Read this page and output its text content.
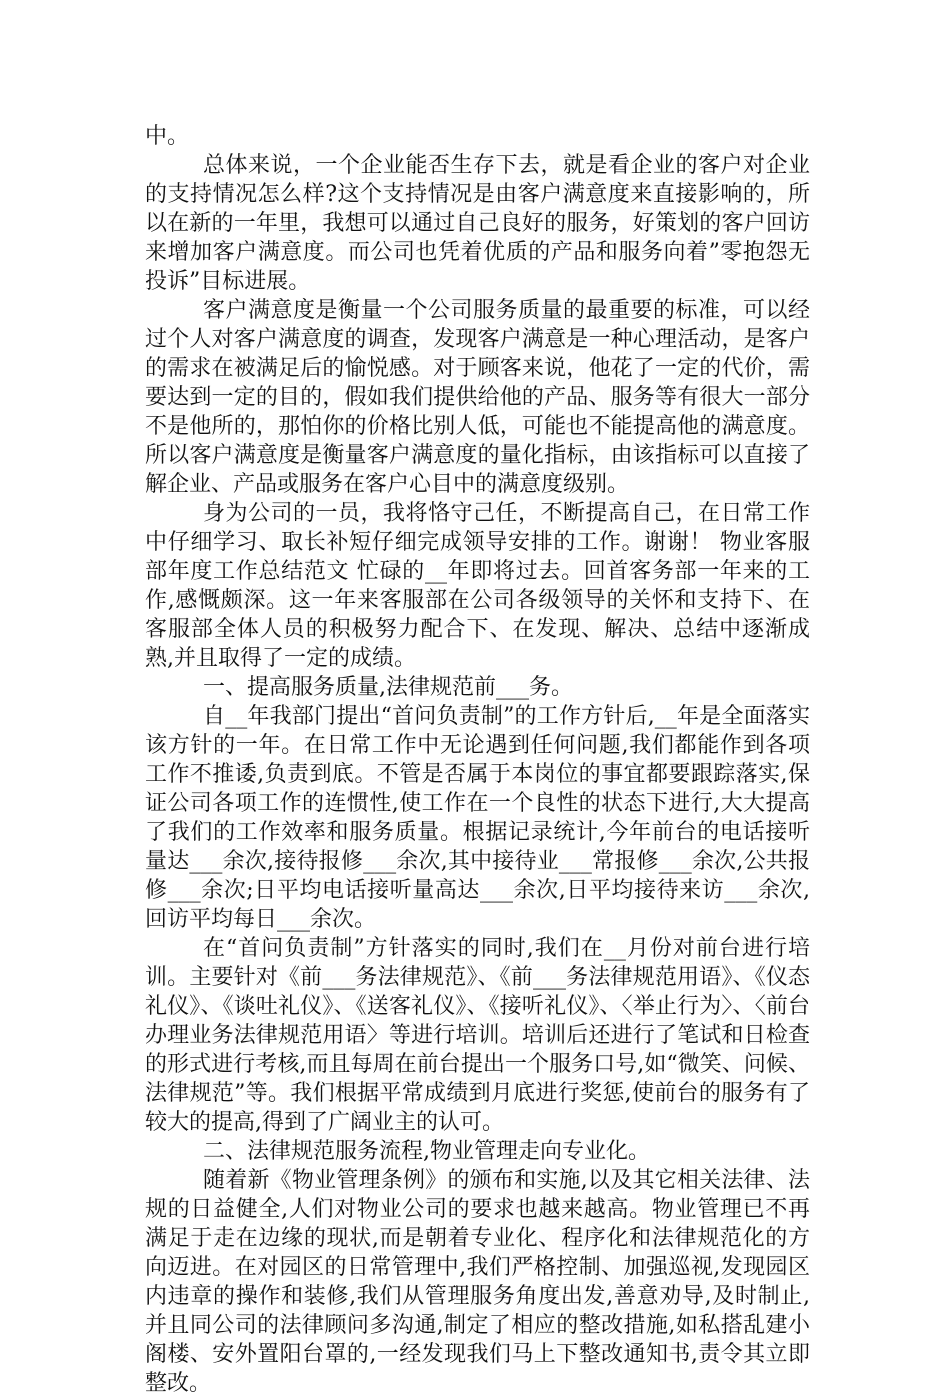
中。

总体来说，一个企业能否生存下去，就是看企业的客户对企业的支持情况怎么样?这个支持情况是由客户满意度来直接影响的，所以在新的一年里，我想可以通过自己良好的服务，好策划的客户回访来增加客户满意度。而公司也凭着优质的产品和服务向着”零抱怨无投诉”目标进展。

客户满意度是衡量一个公司服务质量的最重要的标准，可以经过个人对客户满意度的调查，发现客户满意是一种心理活动，是客户的需求在被满足后的愉悦感。对于顾客来说，他花了一定的代价，需要达到一定的目的，假如我们提供给他的产品、服务等有很大一部分不是他所的，那怕你的价格比别人低，可能也不能提高他的满意度。所以客户满意度是衡量客户满意度的量化指标，由该指标可以直接了解企业、产品或服务在客户心目中的满意度级别。

身为公司的一员，我将恪守己任，不断提高自己，在日常工作中仔细学习、取长补短仔细完成领导安排的工作。谢谢！ 物业客服部年度工作总结范文 忙碌的__年即将过去。回首客务部一年来的工作,感慨颇深。这一年来客服部在公司各级领导的关怀和支持下、在客服部全体人员的积极努力配合下、在发现、解决、总结中逐渐成熟,并且取得了一定的成绩。

一、提高服务质量,法律规范前___务。

自__年我部门提出“首问负责制”的工作方针后,__年是全面落实该方针的一年。在日常工作中无论遇到任何问题,我们都能作到各项工作不推诿,负责到底。不管是否属于本岗位的事宜都要跟踪落实,保证公司各项工作的连惯性,使工作在一个良性的状态下进行,大大提高了我们的工作效率和服务质量。根据记录统计,今年前台的电话接听量达___余次,接待报修___余次,其中接待业___常报修___余次,公共报修___余次;日平均电话接听量高达___余次,日平均接待来访___余次,回访平均每日___余次。

在“首问负责制”方针落实的同时,我们在__月份对前台进行培训。主要针对《前___务法律规范》、《前___务法律规范用语》、《仪态礼仪》、《谈吐礼仪》、《送客礼仪》、《接听礼仪》、〈举止行为〉、〈前台办理业务法律规范用语〉等进行培训。培训后还进行了笔试和日检查的形式进行考核,而且每周在前台提出一个服务口号,如“微笑、问候、法律规范”等。我们根据平常成绩到月底进行奖惩,使前台的服务有了较大的提高,得到了广阔业主的认可。

二、法律规范服务流程,物业管理走向专业化。

随着新《物业管理条例》的颁布和实施,以及其它相关法律、法规的日益健全,人们对物业公司的要求也越来越高。物业管理已不再满足于走在边缘的现状,而是朝着专业化、程序化和法律规范化的方向迈进。在对园区的日常管理中,我们严格控制、加强巡视,发现园区内违章的操作和装修,我们从管理服务角度出发,善意劝导,及时制止,并且同公司的法律顾问多沟通,制定了相应的整改措施,如私搭乱建小阁楼、安外置阳台罩的,一经发现我们马上下整改通知书,责令其立即整改。
